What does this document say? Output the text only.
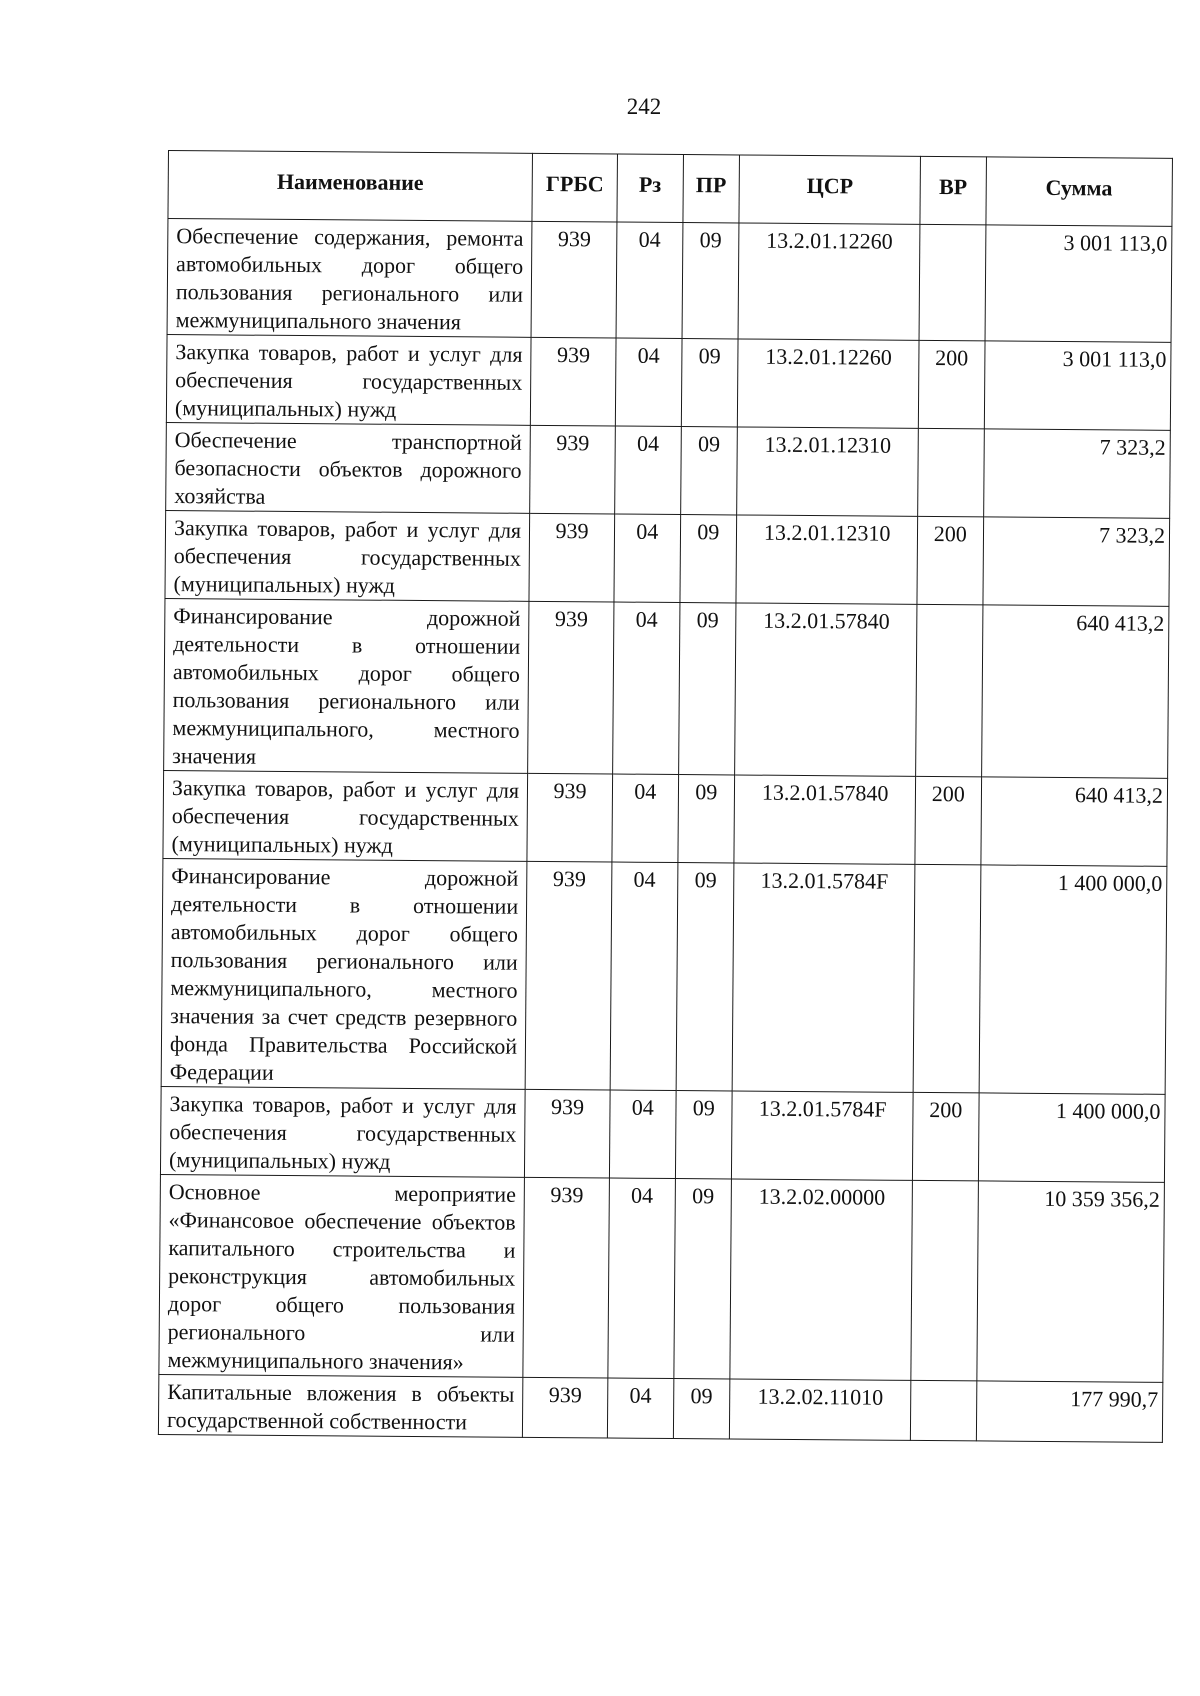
242
Наименование	ГРБС	Рз	ПР	ЦСР	ВР	Сумма
Обеспечение содержания, ремонта автомобильных дорог общего пользования регионального или межмуниципального значения	939	04	09	13.2.01.12260		3 001 113,0
Закупка товаров, работ и услуг для обеспечения государственных (муниципальных) нужд	939	04	09	13.2.01.12260	200	3 001 113,0
Обеспечение транспортной безопасности объектов дорожного хозяйства	939	04	09	13.2.01.12310		7 323,2
Закупка товаров, работ и услуг для обеспечения государственных (муниципальных) нужд	939	04	09	13.2.01.12310	200	7 323,2
Финансирование дорожной деятельности в отношении автомобильных дорог общего пользования регионального или межмуниципального, местного значения	939	04	09	13.2.01.57840		640 413,2
Закупка товаров, работ и услуг для обеспечения государственных (муниципальных) нужд	939	04	09	13.2.01.57840	200	640 413,2
Финансирование дорожной деятельности в отношении автомобильных дорог общего пользования регионального или межмуниципального, местного значения за счет средств резервного фонда Правительства Российской Федерации	939	04	09	13.2.01.5784F		1 400 000,0
Закупка товаров, работ и услуг для обеспечения государственных (муниципальных) нужд	939	04	09	13.2.01.5784F	200	1 400 000,0
Основное мероприятие «Финансовое обеспечение объектов капитального строительства и реконструкция автомобильных дорог общего пользования регионального или межмуниципального значения»	939	04	09	13.2.02.00000		10 359 356,2
Капитальные вложения в объекты государственной собственности	939	04	09	13.2.02.11010		177 990,7
